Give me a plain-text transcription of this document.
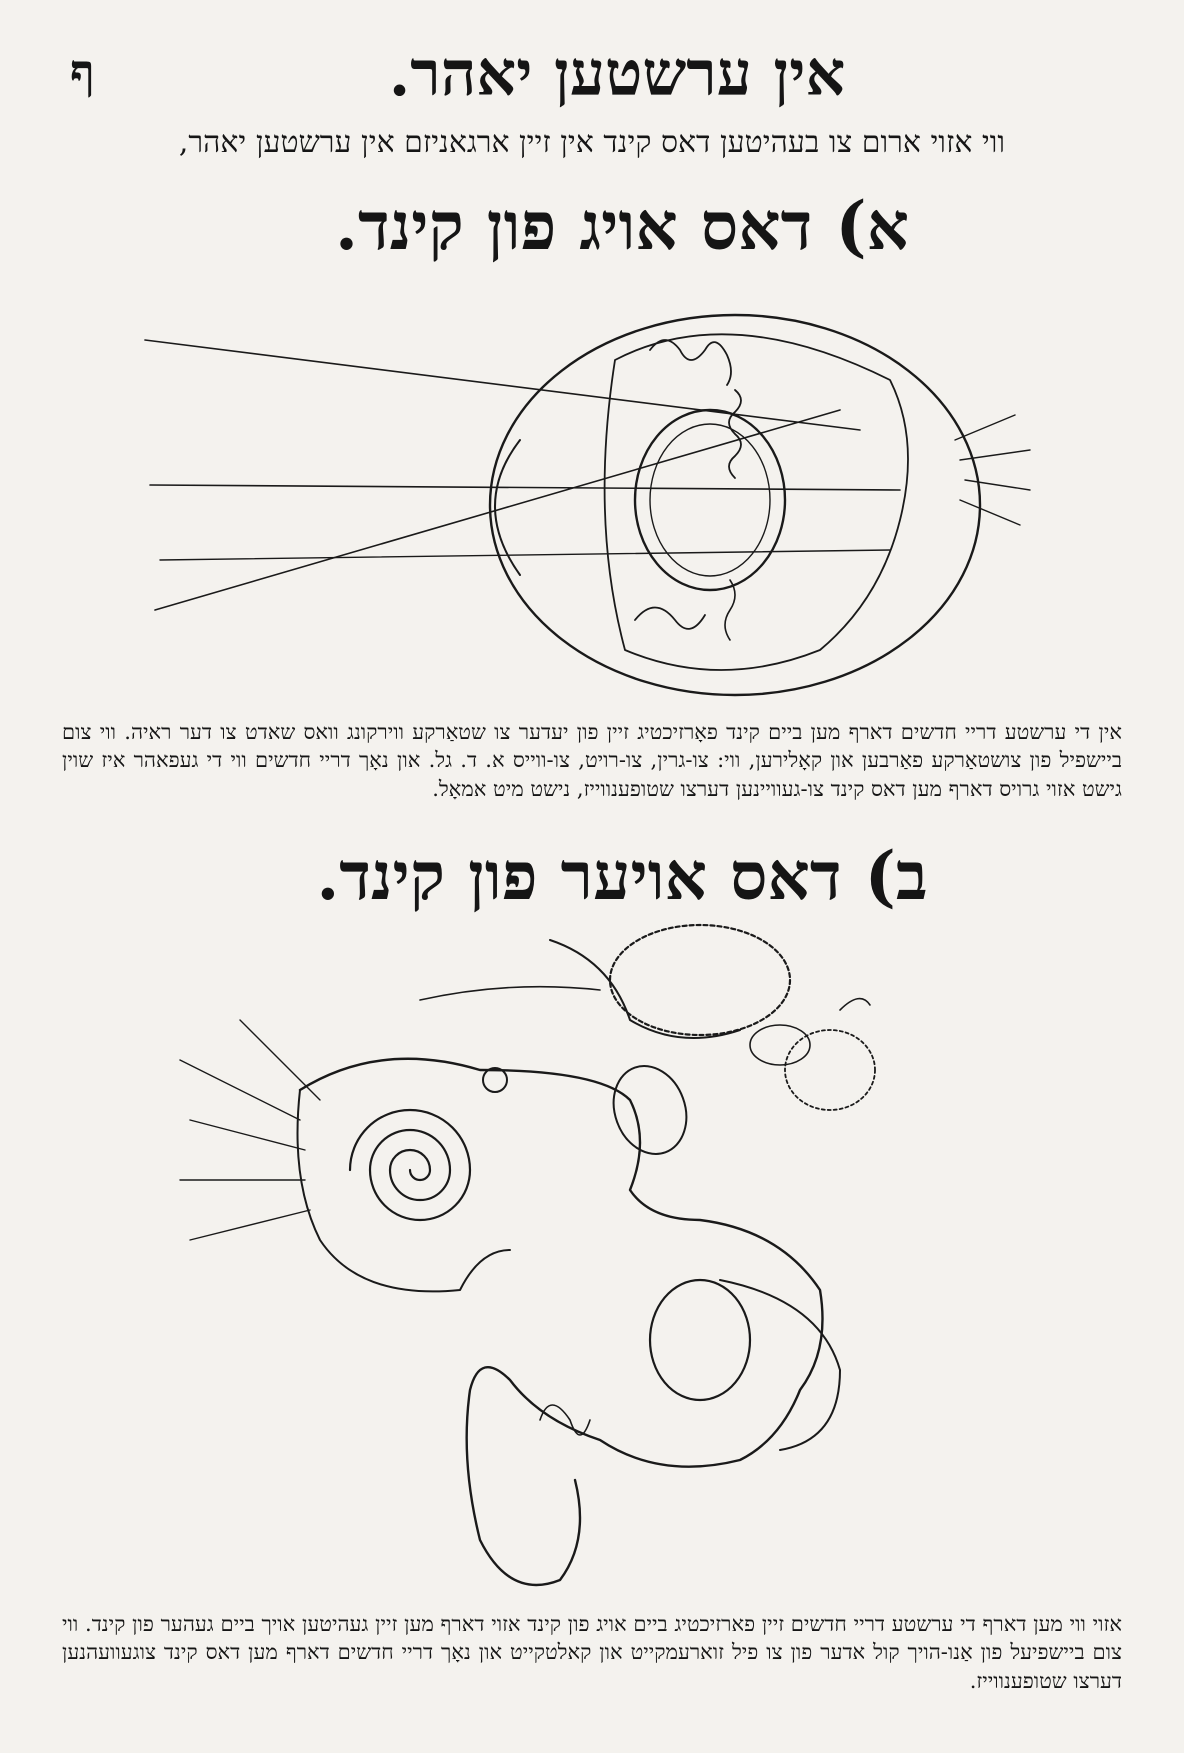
ף	אין ערשטען יאהר.
ווי אזוי ארום צו בעהיטען דאס קינד אין זיין ארגאניזם אין ערשטען יאהר,
א) דאס אויג פון קינד.
אין די ערשטע דריי חדשים דארף מען ביים קינד פאָרזיכטיג זיין פון יעדער צו שטאַרקע ווירקונג וואס שאדט צו דער ראיה. ווי צום ביישפיל פון צושטאַרקע פאַרבען און קאָלירען, ווי: צו-גרין, צו-רויט, צו-ווייס א. ד. גל. און נאָך דריי חדשים ווי די געפאהר איז שוין גישט אזוי גרויס דארף מען דאס קינד צו-געוויינען דערצו שטופענווייז, נישט מיט אמאָל.
ב) דאס אויער פון קינד.
אזוי ווי מען דארף די ערשטע דריי חדשים זיין פארזיכטיג ביים אויג פון קינד אזוי דארף מען זיין געהיטען אויך ביים געהער פון קינד. ווי צום ביישפיעל פון אַנו-הויך קול אדער פון צו פיל זוארעמקייט און קאלטקייט און נאָך דריי חדשים דארף מען דאס קינד צוגעוועהנען דערצו שטופענווייז.
